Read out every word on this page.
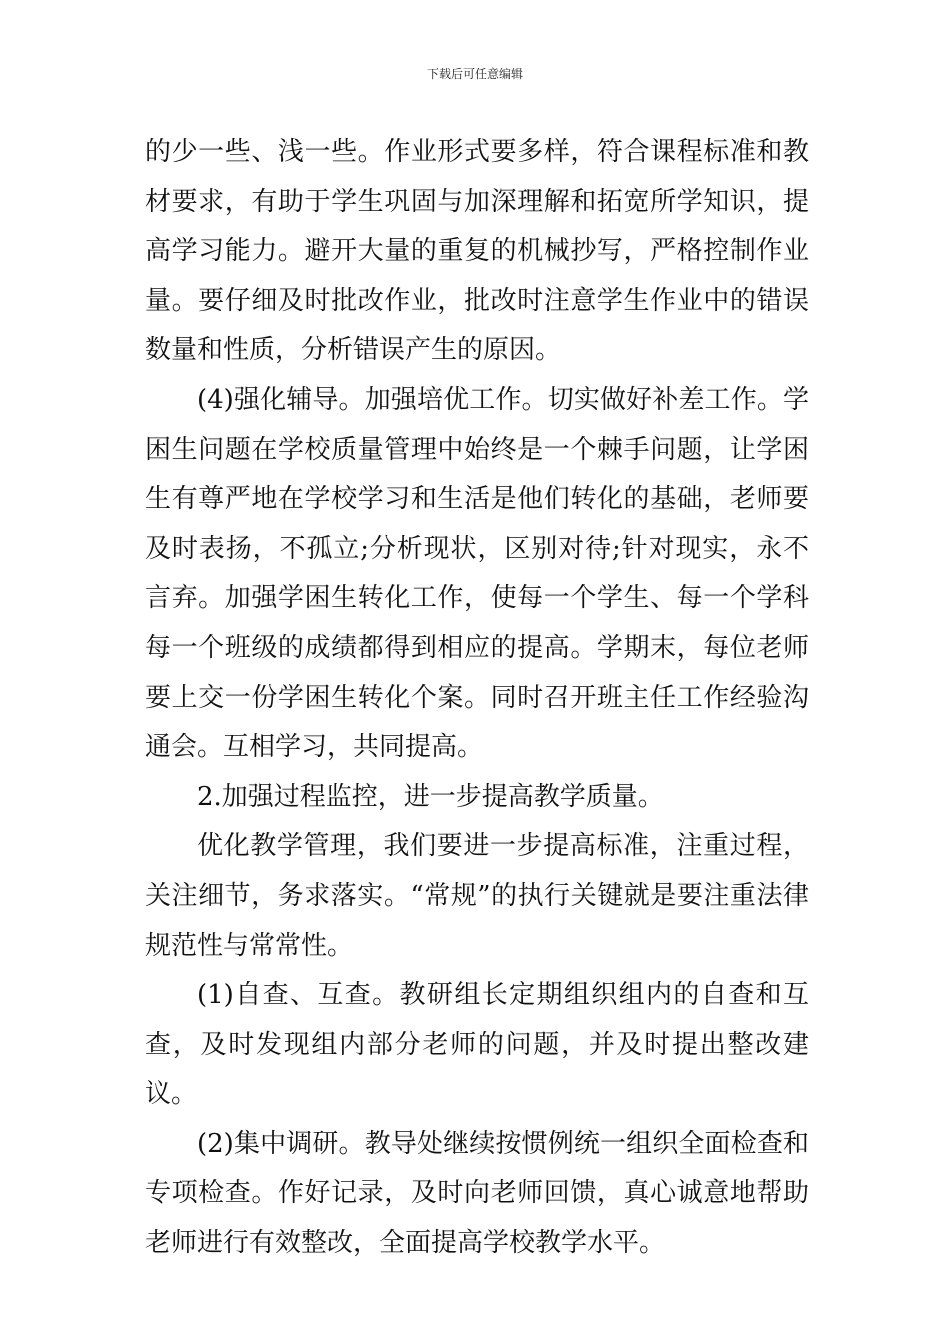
下载后可任意编辑

的少一些、浅一些。作业形式要多样，符合课程标准和教材要求，有助于学生巩固与加深理解和拓宽所学知识，提高学习能力。避开大量的重复的机械抄写，严格控制作业量。要仔细及时批改作业，批改时注意学生作业中的错误数量和性质，分析错误产生的原因。

(4)强化辅导。加强培优工作。切实做好补差工作。学困生问题在学校质量管理中始终是一个棘手问题，让学困生有尊严地在学校学习和生活是他们转化的基础，老师要及时表扬，不孤立;分析现状，区别对待;针对现实，永不言弃。加强学困生转化工作，使每一个学生、每一个学科每一个班级的成绩都得到相应的提高。学期末，每位老师要上交一份学困生转化个案。同时召开班主任工作经验沟通会。互相学习，共同提高。

2.加强过程监控，进一步提高教学质量。

优化教学管理，我们要进一步提高标准，注重过程，关注细节，务求落实。“常规”的执行关键就是要注重法律规范性与常常性。

(1)自查、互查。教研组长定期组织组内的自查和互查，及时发现组内部分老师的问题，并及时提出整改建议。

(2)集中调研。教导处继续按惯例统一组织全面检查和专项检查。作好记录，及时向老师回馈，真心诚意地帮助老师进行有效整改，全面提高学校教学水平。
